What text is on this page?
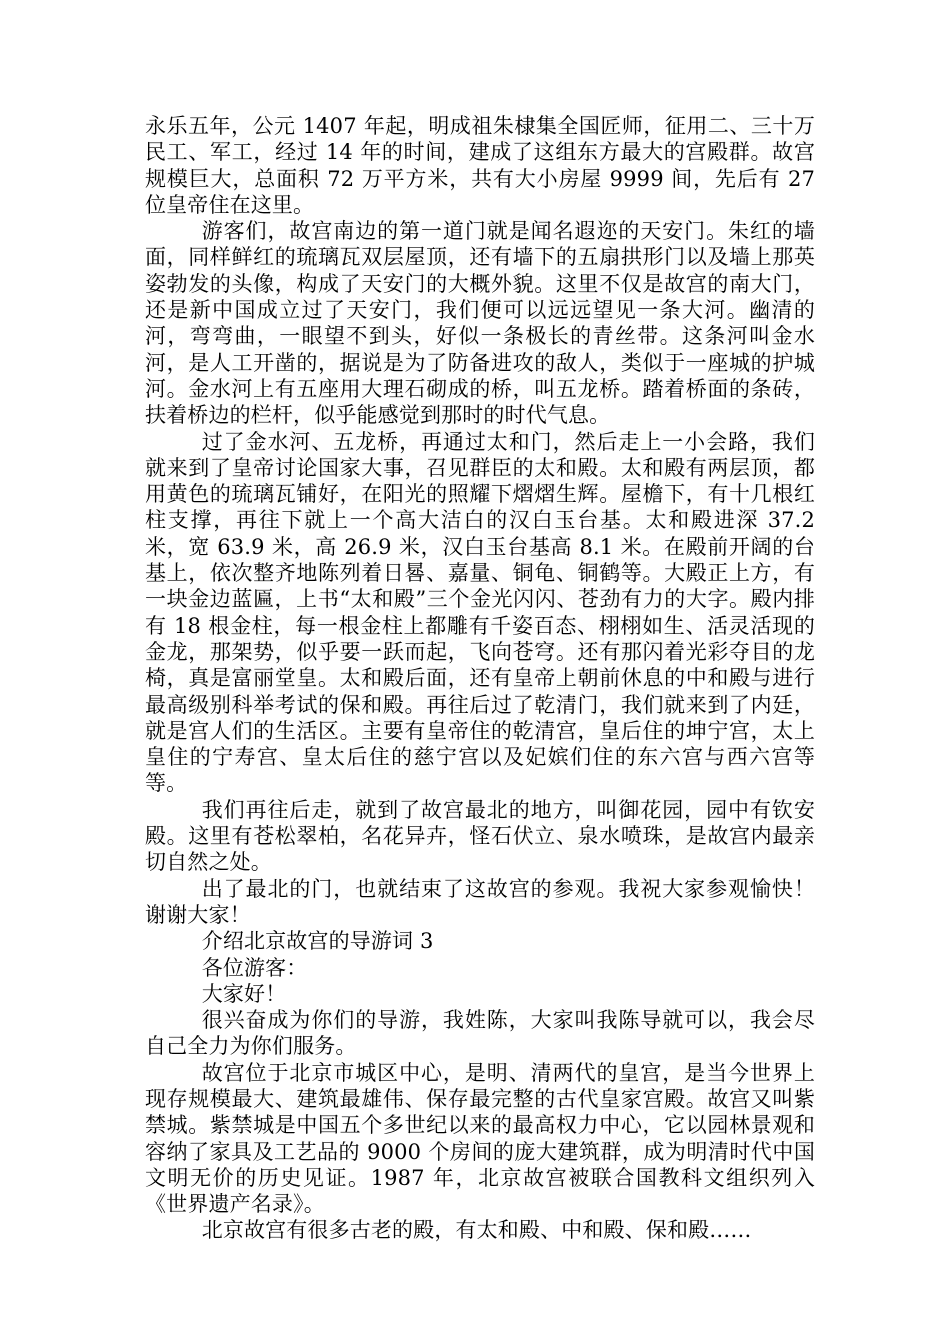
永乐五年，公元 1407 年起，明成祖朱棣集全国匠师，征用二、三十万民工、军工，经过 14 年的时间，建成了这组东方最大的宫殿群。故宫规模巨大，总面积 72 万平方米，共有大小房屋 9999 间，先后有 27 位皇帝住在这里。

游客们，故宫南边的第一道门就是闻名遐迩的天安门。朱红的墙面，同样鲜红的琉璃瓦双层屋顶，还有墙下的五扇拱形门以及墙上那英姿勃发的头像，构成了天安门的大概外貌。这里不仅是故宫的南大门，还是新中国成立过了天安门，我们便可以远远望见一条大河。幽清的河，弯弯曲，一眼望不到头，好似一条极长的青丝带。这条河叫金水河，是人工开凿的，据说是为了防备进攻的敌人，类似于一座城的护城河。金水河上有五座用大理石砌成的桥，叫五龙桥。踏着桥面的条砖，扶着桥边的栏杆，似乎能感觉到那时的时代气息。

过了金水河、五龙桥，再通过太和门，然后走上一小会路，我们就来到了皇帝讨论国家大事，召见群臣的太和殿。太和殿有两层顶，都用黄色的琉璃瓦铺好，在阳光的照耀下熠熠生辉。屋檐下，有十几根红柱支撑，再往下就上一个高大洁白的汉白玉台基。太和殿进深 37.2 米，宽 63.9 米，高 26.9 米，汉白玉台基高 8.1 米。在殿前开阔的台基上，依次整齐地陈列着日晷、嘉量、铜龟、铜鹤等。大殿正上方，有一块金边蓝匾，上书“太和殿”三个金光闪闪、苍劲有力的大字。殿内排有 18 根金柱，每一根金柱上都雕有千姿百态、栩栩如生、活灵活现的金龙，那架势，似乎要一跃而起，飞向苍穹。还有那闪着光彩夺目的龙椅，真是富丽堂皇。太和殿后面，还有皇帝上朝前休息的中和殿与进行最高级别科举考试的保和殿。再往后过了乾清门，我们就来到了内廷，就是宫人们的生活区。主要有皇帝住的乾清宫，皇后住的坤宁宫，太上皇住的宁寿宫、皇太后住的慈宁宫以及妃嫔们住的东六宫与西六宫等等。

我们再往后走，就到了故宫最北的地方，叫御花园，园中有钦安殿。这里有苍松翠柏，名花异卉，怪石伏立、泉水喷珠，是故宫内最亲切自然之处。

出了最北的门，也就结束了这故宫的参观。我祝大家参观愉快！谢谢大家！

介绍北京故宫的导游词 3

各位游客：

大家好！

很兴奋成为你们的导游，我姓陈，大家叫我陈导就可以，我会尽自己全力为你们服务。

故宫位于北京市城区中心，是明、清两代的皇宫，是当今世界上现存规模最大、建筑最雄伟、保存最完整的古代皇家宫殿。故宫又叫紫禁城。紫禁城是中国五个多世纪以来的最高权力中心，它以园林景观和容纳了家具及工艺品的 9000 个房间的庞大建筑群，成为明清时代中国文明无价的历史见证。1987 年，北京故宫被联合国教科文组织列入《世界遗产名录》。

北京故宫有很多古老的殿，有太和殿、中和殿、保和殿……
